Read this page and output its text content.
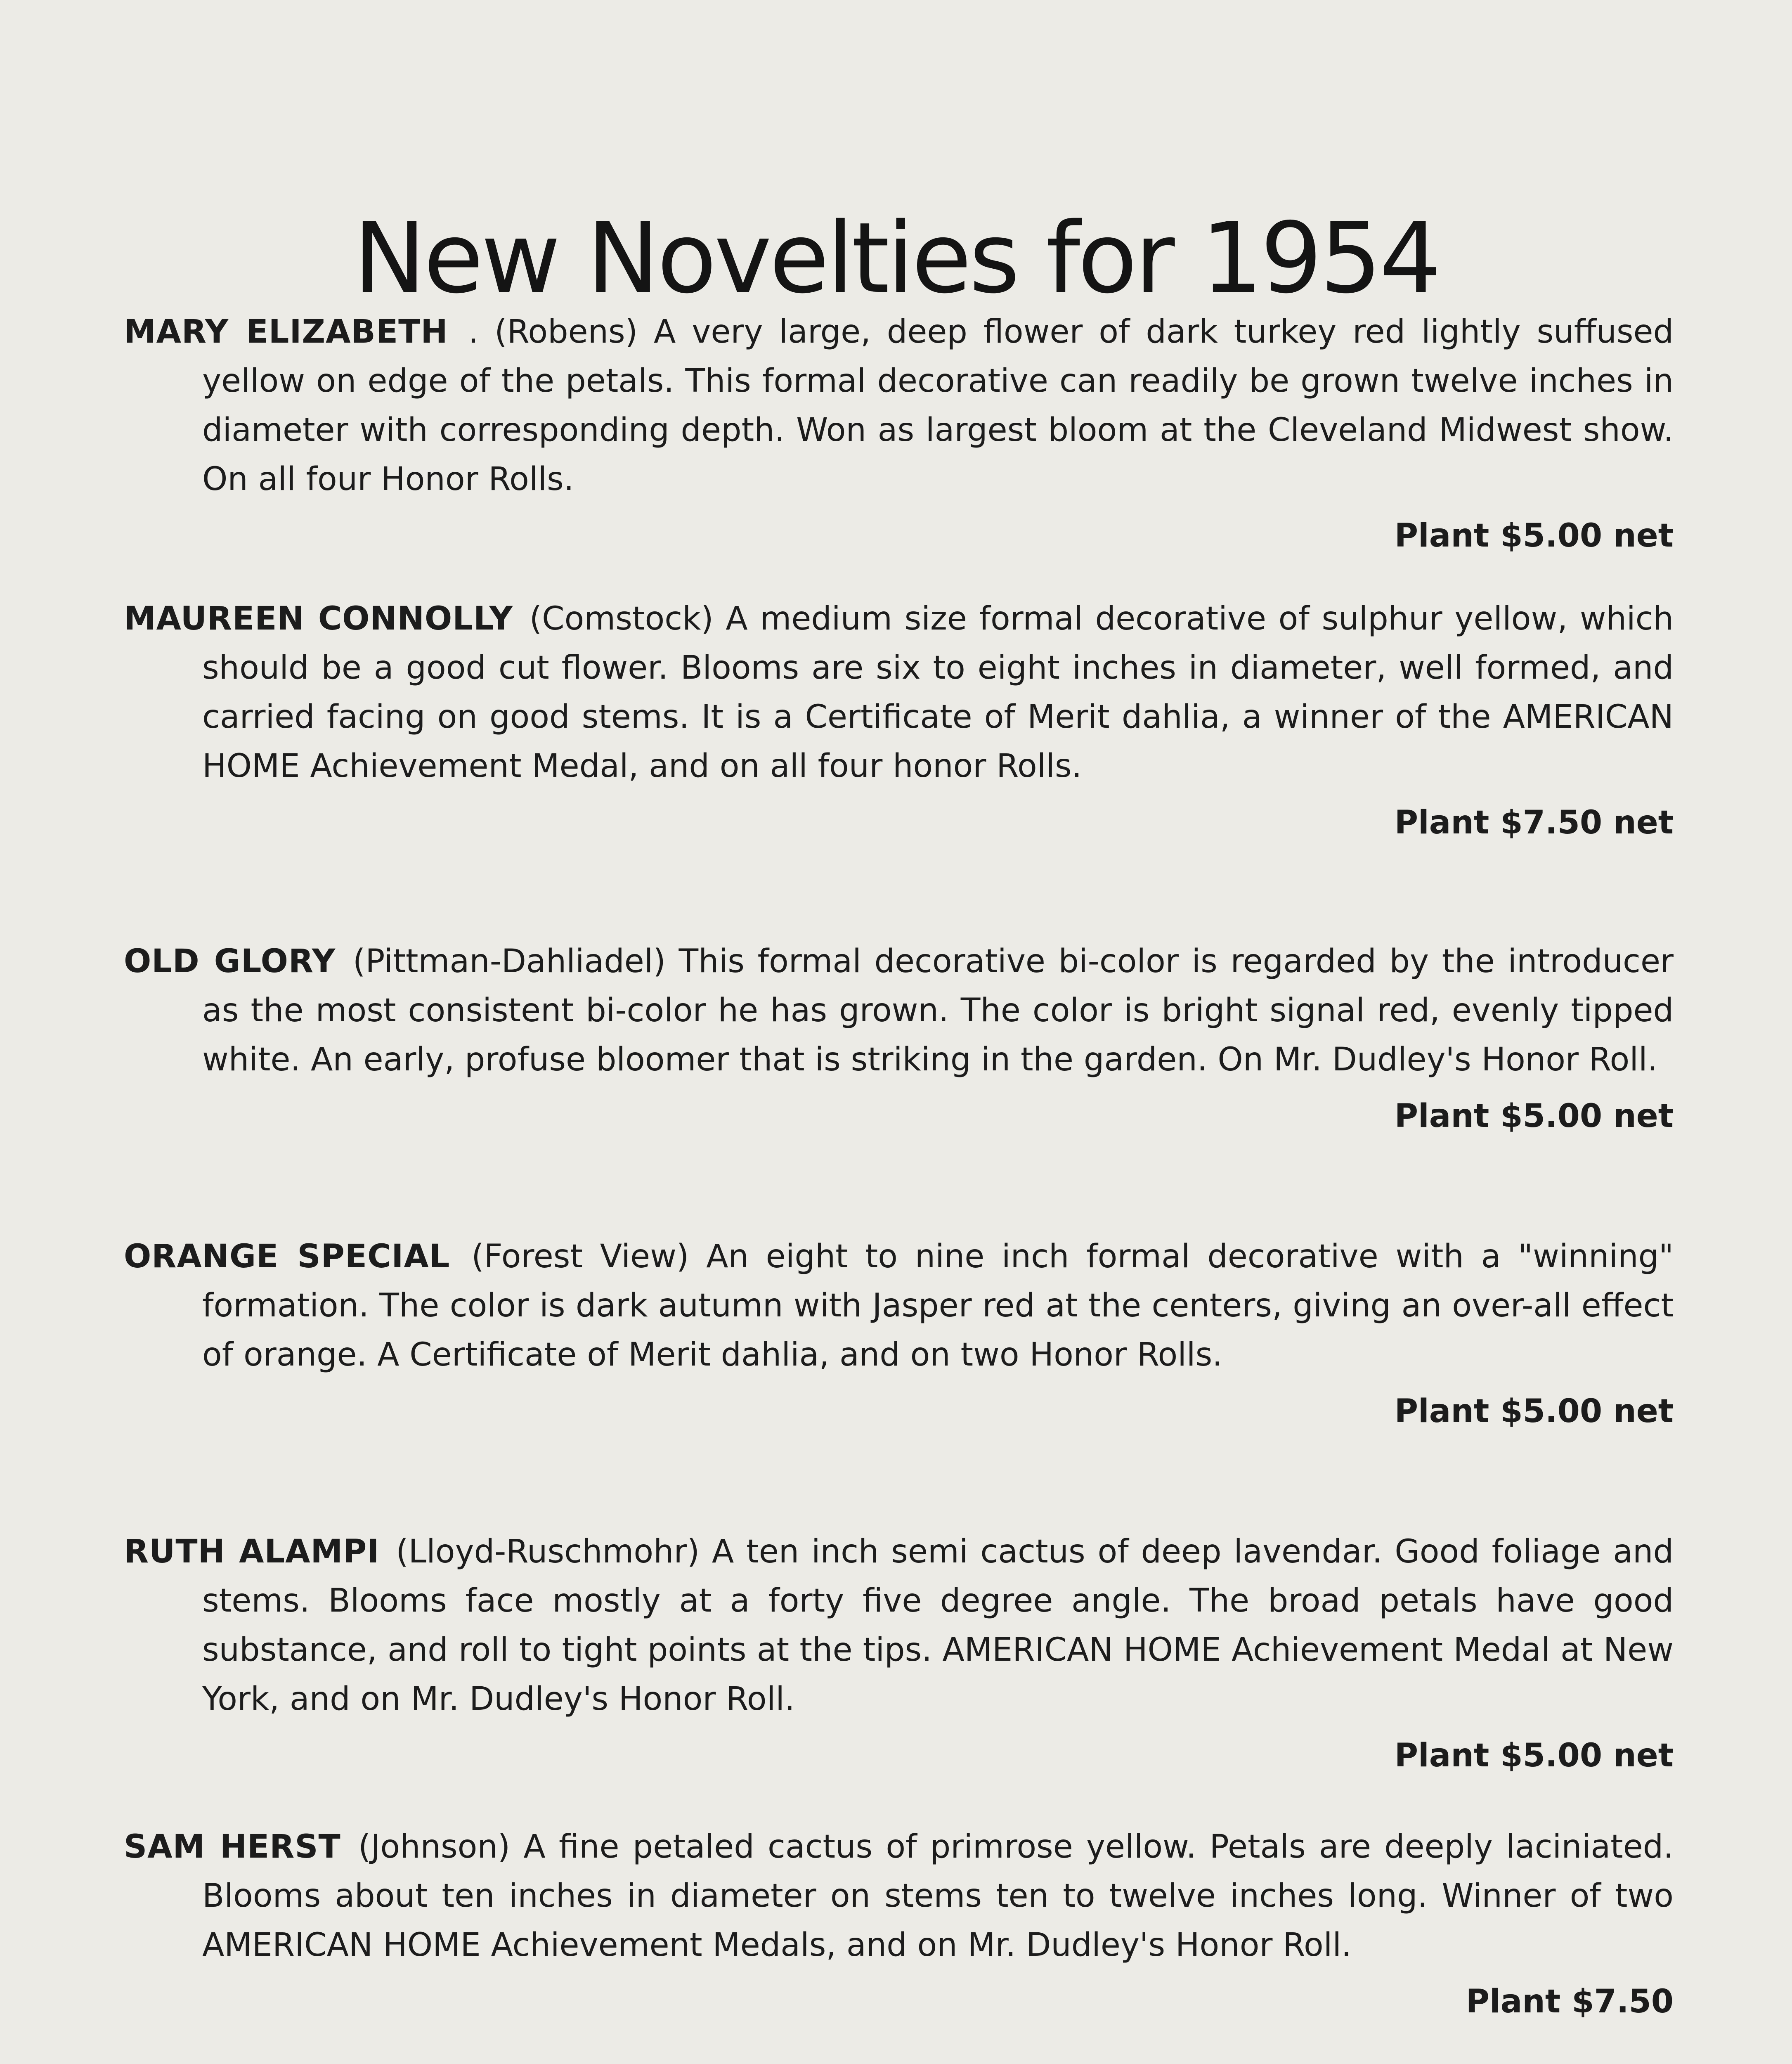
New Novelties for 1954

MARY ELIZABETH . (Robens) A very large, deep flower of dark turkey red lightly suffused yellow on edge of the petals. This formal decorative can readily be grown twelve inches in diameter with corresponding depth. Won as largest bloom at the Cleveland Midwest show. On all four Honor Rolls.

Plant $5.00 net

MAUREEN CONNOLLY (Comstock) A medium size formal decorative of sulphur yellow, which should be a good cut flower. Blooms are six to eight inches in diameter, well formed, and carried facing on good stems. It is a Certificate of Merit dahlia, a winner of the AMERICAN HOME Achievement Medal, and on all four honor Rolls.

Plant $7.50 net

OLD GLORY (Pittman-Dahliadel) This formal decorative bi-color is regarded by the introducer as the most consistent bi-color he has grown. The color is bright signal red, evenly tipped white. An early, profuse bloomer that is striking in the garden. On Mr. Dudley's Honor Roll.

Plant $5.00 net

ORANGE SPECIAL (Forest View) An eight to nine inch formal decorative with a "winning" formation. The color is dark autumn with Jasper red at the centers, giving an over-all effect of orange. A Certificate of Merit dahlia, and on two Honor Rolls.

Plant $5.00 net

RUTH ALAMPI (Lloyd-Ruschmohr) A ten inch semi cactus of deep lavendar. Good foliage and stems. Blooms face mostly at a forty five degree angle. The broad petals have good substance, and roll to tight points at the tips. AMERICAN HOME Achievement Medal at New York, and on Mr. Dudley's Honor Roll.

Plant $5.00 net

SAM HERST (Johnson) A fine petaled cactus of primrose yellow. Petals are deeply laciniated. Blooms about ten inches in diameter on stems ten to twelve inches long. Winner of two AMERICAN HOME Achievement Medals, and on Mr. Dudley's Honor Roll.

Plant $7.50
